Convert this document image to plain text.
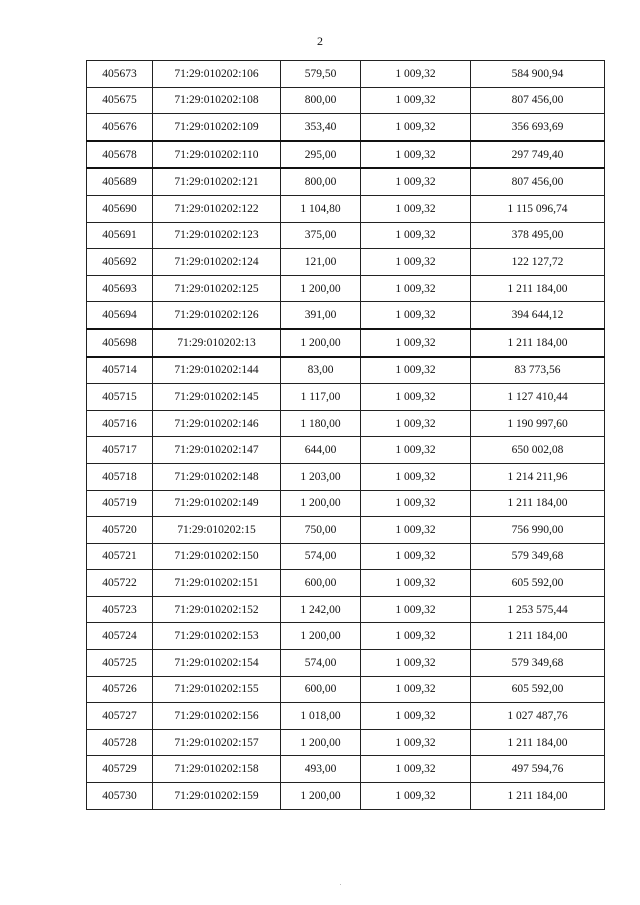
2
405673	71:29:010202:106	579,50	1 009,32	584 900,94
405675	71:29:010202:108	800,00	1 009,32	807 456,00
405676	71:29:010202:109	353,40	1 009,32	356 693,69
405678	71:29:010202:110	295,00	1 009,32	297 749,40
405689	71:29:010202:121	800,00	1 009,32	807 456,00
405690	71:29:010202:122	1 104,80	1 009,32	1 115 096,74
405691	71:29:010202:123	375,00	1 009,32	378 495,00
405692	71:29:010202:124	121,00	1 009,32	122 127,72
405693	71:29:010202:125	1 200,00	1 009,32	1 211 184,00
405694	71:29:010202:126	391,00	1 009,32	394 644,12
405698	71:29:010202:13	1 200,00	1 009,32	1 211 184,00
405714	71:29:010202:144	83,00	1 009,32	83 773,56
405715	71:29:010202:145	1 117,00	1 009,32	1 127 410,44
405716	71:29:010202:146	1 180,00	1 009,32	1 190 997,60
405717	71:29:010202:147	644,00	1 009,32	650 002,08
405718	71:29:010202:148	1 203,00	1 009,32	1 214 211,96
405719	71:29:010202:149	1 200,00	1 009,32	1 211 184,00
405720	71:29:010202:15	750,00	1 009,32	756 990,00
405721	71:29:010202:150	574,00	1 009,32	579 349,68
405722	71:29:010202:151	600,00	1 009,32	605 592,00
405723	71:29:010202:152	1 242,00	1 009,32	1 253 575,44
405724	71:29:010202:153	1 200,00	1 009,32	1 211 184,00
405725	71:29:010202:154	574,00	1 009,32	579 349,68
405726	71:29:010202:155	600,00	1 009,32	605 592,00
405727	71:29:010202:156	1 018,00	1 009,32	1 027 487,76
405728	71:29:010202:157	1 200,00	1 009,32	1 211 184,00
405729	71:29:010202:158	493,00	1 009,32	497 594,76
405730	71:29:010202:159	1 200,00	1 009,32	1 211 184,00
